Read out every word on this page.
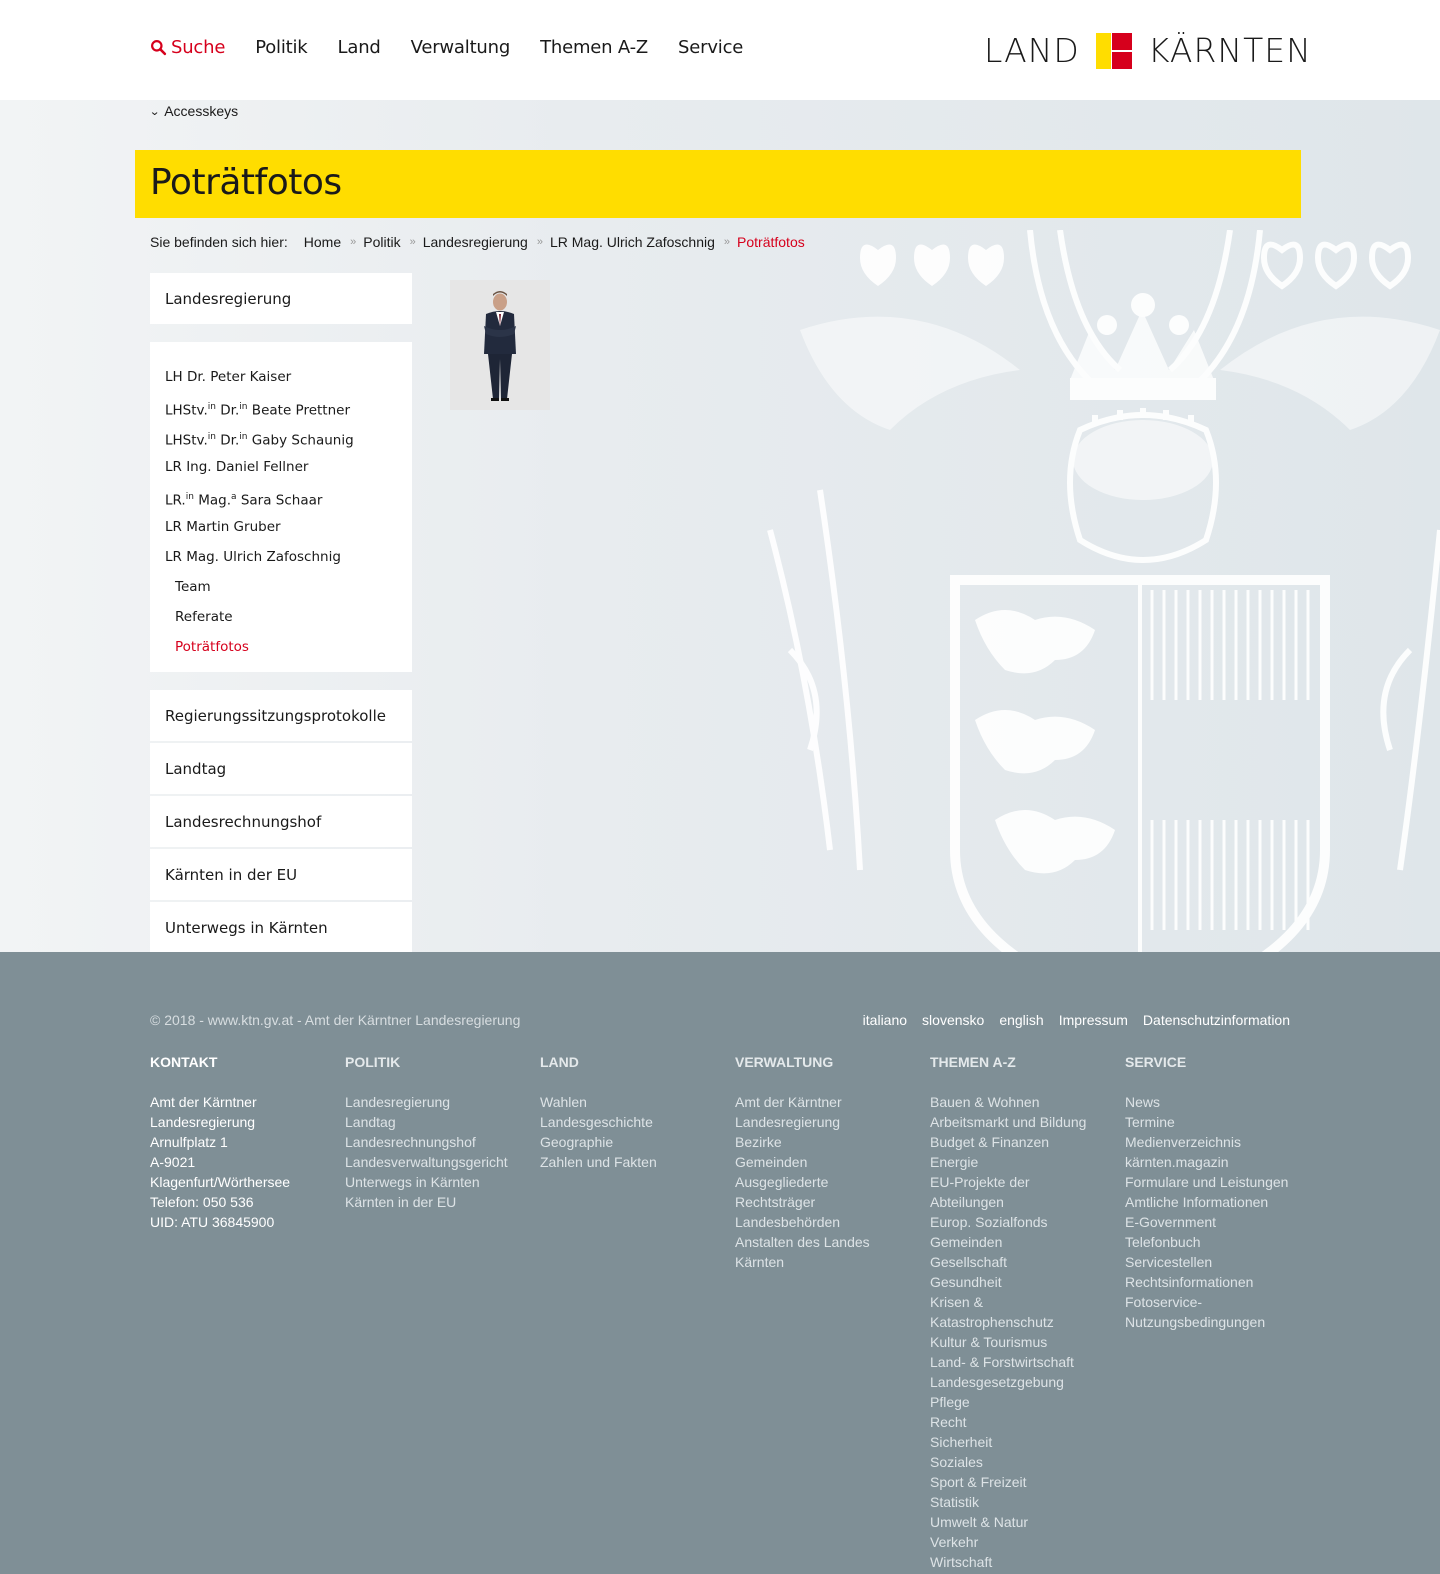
Suche Politik Land Verwaltung Themen A-Z Service	LAND KÄRNTEN
⌄ Accesskeys
Poträtfotos
Sie befinden sich hier: Home » Politik » Landesregierung » LR Mag. Ulrich Zafoschnig » Poträtfotos
Landesregierung
LH Dr. Peter Kaiser
LHStv.$^{in}$ Dr.$^{in}$ Beate Prettner
LHStv.$^{in}$ Dr.$^{in}$ Gaby Schaunig
LR Ing. Daniel Fellner
LR.$^{in}$ Mag.$^a$ Sara Schaar
LR Martin Gruber
LR Mag. Ulrich Zafoschnig
Team
Referate
Poträtfotos
Regierungssitzungsprotokolle
Landtag
Landesrechnungshof
Kärnten in der EU
Unterwegs in Kärnten
© 2018 - www.ktn.gv.at - Amt der Kärntner Landesregierung	italiano slovensko english Impressum Datenschutzinformation
KONTAKT
Amt der Kärntner
Landesregierung
Arnulfplatz 1
A-9021
Klagenfurt/Wörthersee
Telefon: 050 536
UID: ATU 36845900
POLITIK
Landesregierung
Landtag
Landesrechnungshof
Landesverwaltungsgericht
Unterwegs in Kärnten
Kärnten in der EU
LAND
Wahlen
Landesgeschichte
Geographie
Zahlen und Fakten
VERWALTUNG
Amt der Kärntner
Landesregierung
Bezirke
Gemeinden
Ausgegliederte
Rechtsträger
Landesbehörden
Anstalten des Landes
Kärnten
THEMEN A-Z
Bauen & Wohnen
Arbeitsmarkt und Bildung
Budget & Finanzen
Energie
EU-Projekte der
Abteilungen
Europ. Sozialfonds
Gemeinden
Gesellschaft
Gesundheit
Krisen &
Katastrophenschutz
Kultur & Tourismus
Land- & Forstwirtschaft
Landesgesetzgebung
Pflege
Recht
Sicherheit
Soziales
Sport & Freizeit
Statistik
Umwelt & Natur
Verkehr
Wirtschaft
SERVICE
News
Termine
Medienverzeichnis
kärnten.magazin
Formulare und Leistungen
Amtliche Informationen
E-Government
Telefonbuch
Servicestellen
Rechtsinformationen
Fotoservice-
Nutzungsbedingungen
